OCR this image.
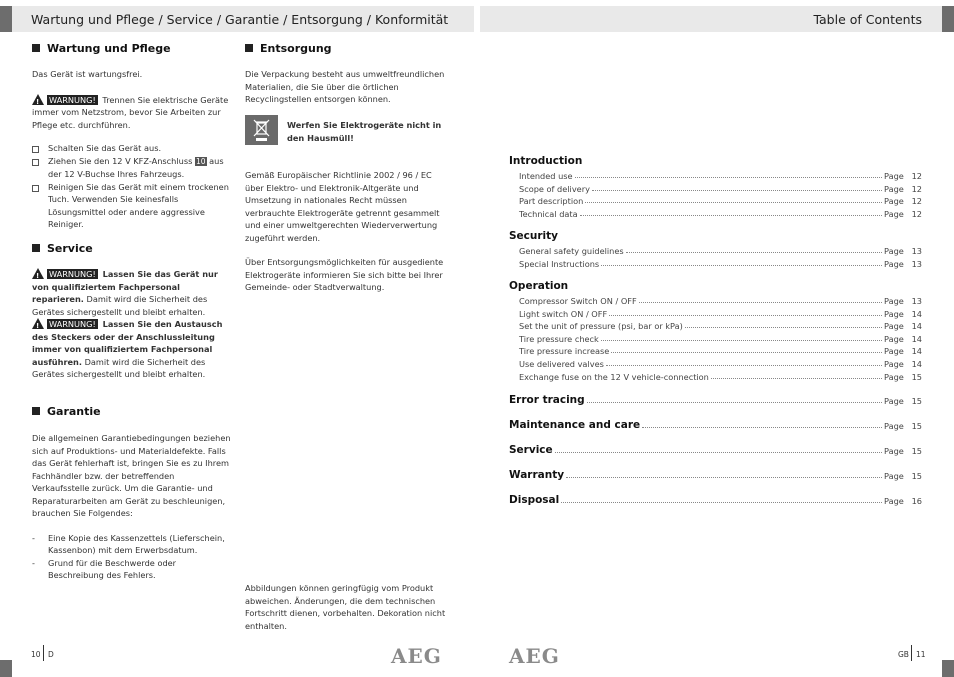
Wartung und Pflege / Service / Garantie / Entsorgung / Konformität	Table of Contents
Wartung und Pflege

Das Gerät ist wartungsfrei.

!WARNUNG! Trennen Sie elektrische Geräte immer vom Netzstrom, bevor Sie Arbeiten zur Pflege etc. durchführen.

Schalten Sie das Gerät aus.
Ziehen Sie den 12 V KFZ-Anschluss 10 aus der 12 V-Buchse Ihres Fahrzeugs.
Reinigen Sie das Gerät mit einem trockenen Tuch. Verwenden Sie keinesfalls Lösungsmittel oder andere aggressive Reiniger.
Service

!WARNUNG! Lassen Sie das Gerät nur von qualifiziertem Fachpersonal reparieren. Damit wird die Sicherheit des Gerätes sichergestellt und bleibt erhalten.

!WARNUNG! Lassen Sie den Austausch des Steckers oder der Anschlussleitung immer von qualifiziertem Fachpersonal ausführen. Damit wird die Sicherheit des Gerätes sichergestellt und bleibt erhalten.

Garantie

Die allgemeinen Garantiebedingungen beziehen sich auf Produktions- und Materialdefekte. Falls das Gerät fehlerhaft ist, bringen Sie es zu Ihrem Fachhändler bzw. der betreffenden Verkaufsstelle zurück. Um die Garantie- und Reparaturarbeiten am Gerät zu beschleunigen, brauchen Sie Folgendes:

- Eine Kopie des Kassenzettels (Lieferschein, Kassenbon) mit dem Erwerbsdatum.
- Grund für die Beschwerde oder Beschreibung des Fehlers.
Entsorgung
Die Verpackung besteht aus umweltfreundlichen Materialien, die Sie über die örtlichen Recyclingstellen entsorgen können.
Werfen Sie Elektrogeräte nicht in den Hausmüll!
Gemäß Europäischer Richtlinie 2002 / 96 / EC über Elektro- und Elektronik-Altgeräte und Umsetzung in nationales Recht müssen verbrauchte Elektrogeräte getrennt gesammelt und einer umweltgerechten Wiederverwertung zugeführt werden.
Über Entsorgungsmöglichkeiten für ausgediente Elektrogeräte informieren Sie sich bitte bei Ihrer Gemeinde- oder Stadtverwaltung.
Abbildungen können geringfügig vom Produkt abweichen. Änderungen, die dem technischen Fortschritt dienen, vorbehalten. Dekoration nicht enthalten.
Introduction
Intended use	Page 12
Scope of delivery	Page 12
Part description	Page 12
Technical data	Page 12
Security
General safety guidelines	Page 13
Special Instructions	Page 13
Operation
Compressor Switch ON / OFF	Page 13
Light switch ON / OFF	Page 14
Set the unit of pressure (psi, bar or kPa)	Page 14
Tire pressure check	Page 14
Tire pressure increase	Page 14
Use delivered valves	Page 14
Exchange fuse on the 12 V vehicle-connection	Page 15
Error tracing	Page 15
Maintenance and care	Page 15
Service	Page 15
Warranty	Page 15
Disposal	Page 16
10 D	AEG	AEG	GB 11
